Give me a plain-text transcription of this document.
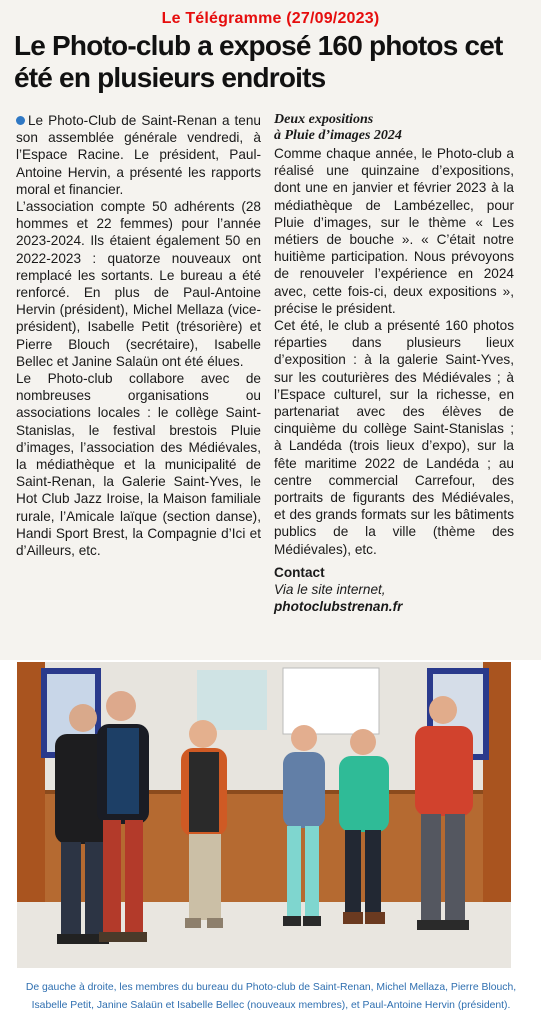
Le Télégramme (27/09/2023)
Le Photo-club a exposé 160 photos cet été en plusieurs endroits

Le Photo-Club de Saint-Renan a tenu son assemblée générale vendredi, à l’Espace Racine. Le président, Paul-Antoine Hervin, a présenté les rapports moral et financier.

L’association compte 50 adhérents (28 hommes et 22 femmes) pour l’année 2023-2024. Ils étaient également 50 en 2022-2023 : quatorze nouveaux ont remplacé les sortants. Le bureau a été renforcé. En plus de Paul-Antoine Hervin (président), Michel Mellaza (vice-président), Isabelle Petit (trésorière) et Pierre Blouch (secrétaire), Isabelle Bellec et Janine Salaün ont été élues.

Le Photo-club collabore avec de nombreuses organisations ou associations locales : le collège Saint-Stanislas, le festival brestois Pluie d’images, l’association des Médiévales, la médiathèque et la municipalité de Saint-Renan, la Galerie Saint-Yves, le Hot Club Jazz Iroise, la Maison familiale rurale, l’Amicale laïque (section danse), Handi Sport Brest, la Compagnie d’Ici et d’Ailleurs, etc.

Deux expositions
à Pluie d’images 2024

Comme chaque année, le Photo-club a réalisé une quinzaine d’expositions, dont une en janvier et février 2023 à la médiathèque de Lambézellec, pour Pluie d’images, sur le thème « Les métiers de bouche ». « C’était notre huitième participation. Nous prévoyons de renouveler l’expérience en 2024 avec, cette fois-ci, deux expositions », précise le président.

Cet été, le club a présenté 160 photos réparties dans plusieurs lieux d’exposition : à la galerie Saint-Yves, sur les couturières des Médiévales ; à l’Espace culturel, sur la richesse, en partenariat avec des élèves de cinquième du collège Saint-Stanislas ; à Landéda (trois lieux d’expo), sur la fête maritime 2022 de Landéda ; au centre commercial Carrefour, des portraits de figurants des Médiévales, et des grands formats sur les bâtiments publics de la ville (thème des Médiévales), etc.

Contact

Via le site internet, photoclubstrenan.fr

De gauche à droite, les membres du bureau du Photo-club de Saint-Renan, Michel Mellaza, Pierre Blouch,
Isabelle Petit, Janine Salaün et Isabelle Bellec (nouveaux membres), et Paul-Antoine Hervin (président).
